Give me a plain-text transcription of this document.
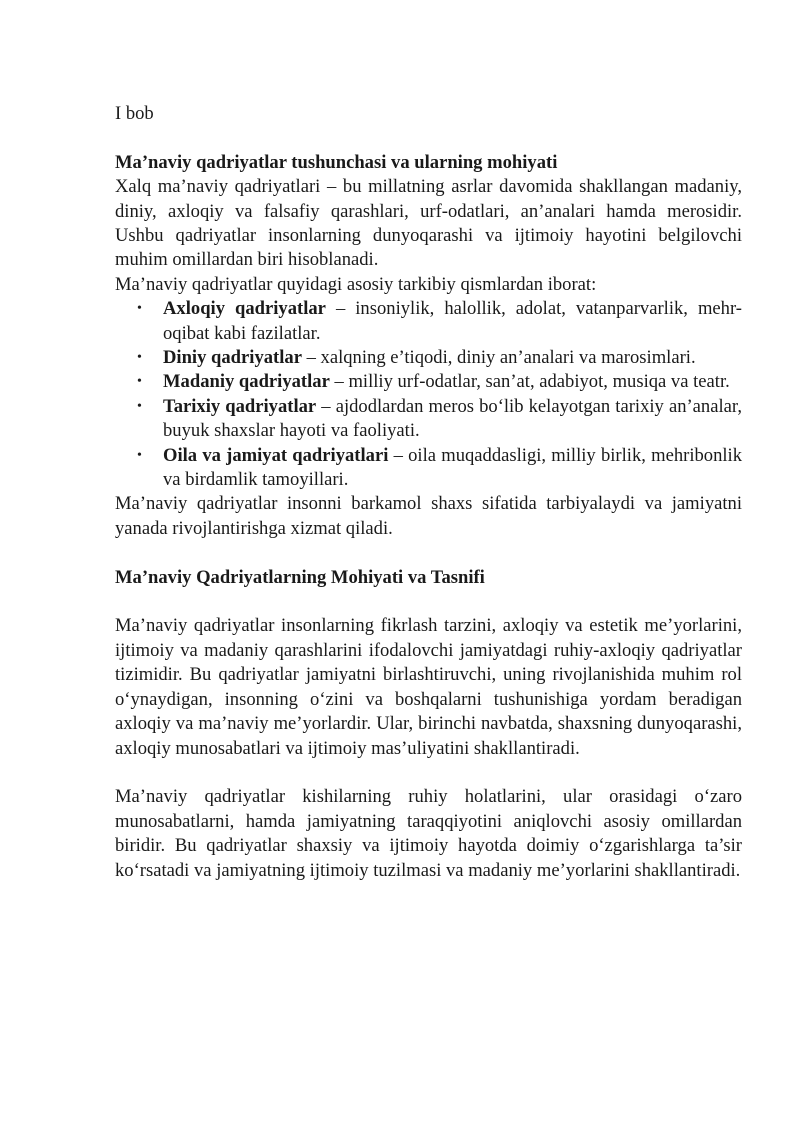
I bob

Ma’naviy qadriyatlar tushunchasi va ularning mohiyati

Xalq ma’naviy qadriyatlari – bu millatning asrlar davomida shakllangan madaniy, diniy, axloqiy va falsafiy qarashlari, urf-odatlari, an’analari hamda merosidir. Ushbu qadriyatlar insonlarning dunyoqarashi va ijtimoiy hayotini belgilovchi muhim omillardan biri hisoblanadi.

Ma’naviy qadriyatlar quyidagi asosiy tarkibiy qismlardan iborat:

• Axloqiy qadriyatlar – insoniylik, halollik, adolat, vatanparvarlik, mehr-oqibat kabi fazilatlar.
• Diniy qadriyatlar – xalqning e’tiqodi, diniy an’analari va marosimlari.
• Madaniy qadriyatlar – milliy urf-odatlar, san’at, adabiyot, musiqa va teatr.
• Tarixiy qadriyatlar – ajdodlardan meros bo‘lib kelayotgan tarixiy an’analar, buyuk shaxslar hayoti va faoliyati.
• Oila va jamiyat qadriyatlari – oila muqaddasligi, milliy birlik, mehribonlik va birdamlik tamoyillari.

Ma’naviy qadriyatlar insonni barkamol shaxs sifatida tarbiyalaydi va jamiyatni yanada rivojlantirishga xizmat qiladi.

Ma’naviy Qadriyatlarning Mohiyati va Tasnifi

Ma’naviy qadriyatlar insonlarning fikrlash tarzini, axloqiy va estetik me’yorlarini, ijtimoiy va madaniy qarashlarini ifodalovchi jamiyatdagi ruhiy-axloqiy qadriyatlar tizimidir. Bu qadriyatlar jamiyatni birlashtiruvchi, uning rivojlanishida muhim rol o‘ynaydigan, insonning o‘zini va boshqalarni tushunishiga yordam beradigan axloqiy va ma’naviy me’yorlardir. Ular, birinchi navbatda, shaxsning dunyoqarashi, axloqiy munosabatlari va ijtimoiy mas’uliyatini shakllantiradi.

Ma’naviy qadriyatlar kishilarning ruhiy holatlarini, ular orasidagi o‘zaro munosabatlarni, hamda jamiyatning taraqqiyotini aniqlovchi asosiy omillardan biridir. Bu qadriyatlar shaxsiy va ijtimoiy hayotda doimiy o‘zgarishlarga ta’sir ko‘rsatadi va jamiyatning ijtimoiy tuzilmasi va madaniy me’yorlarini shakllantiradi.
